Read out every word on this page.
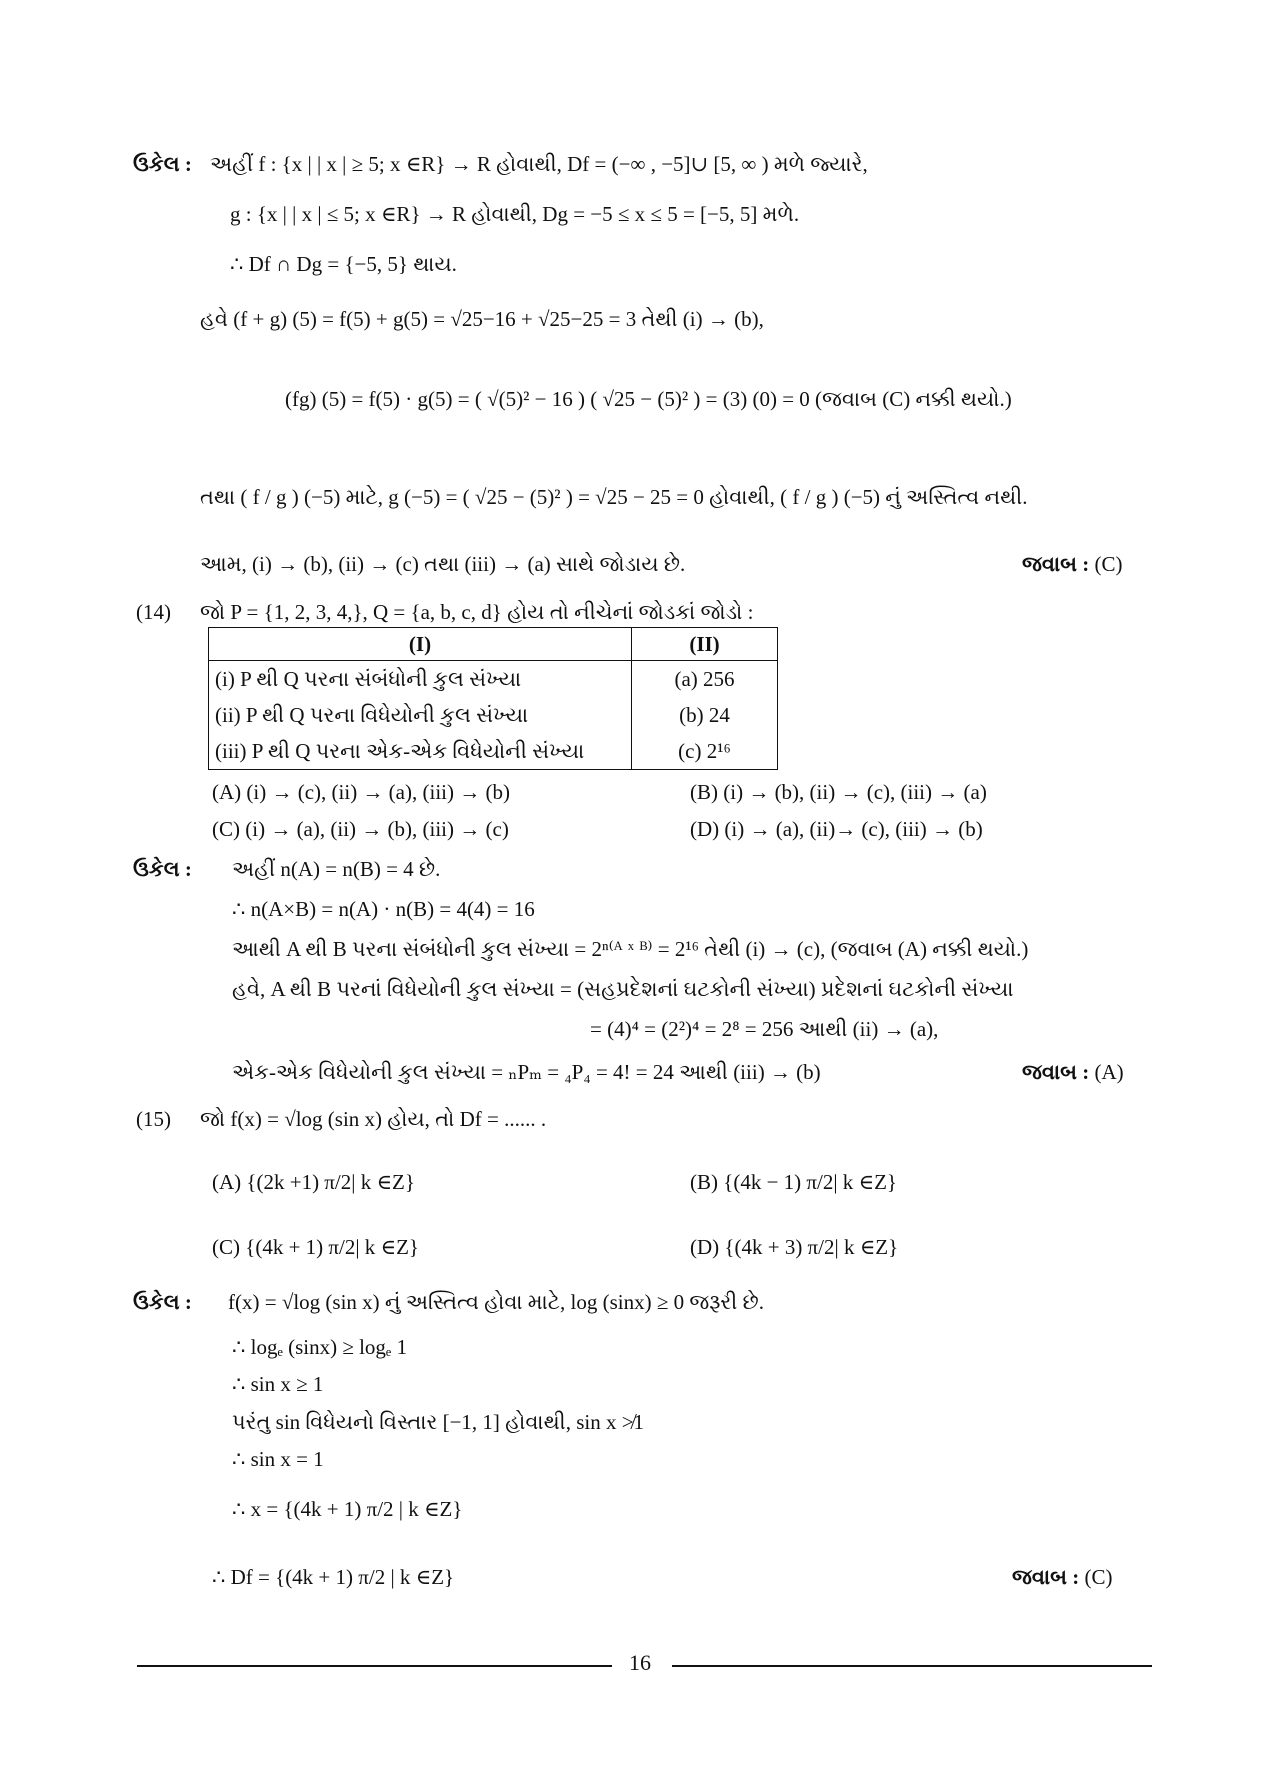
ઉકેલ : અહીં f : {x | | x | ≥ 5; x ∈R} → R હોવાથી, Df = (−∞ , −5]∪ [5, ∞ ) મળે જ્યારે,
g : {x | | x | ≤ 5; x ∈R} → R હોવાથી, Dg = −5 ≤ x ≤ 5 = [−5, 5] મળે.
∴ Df ∩ Dg = {−5, 5} થાય.
હવે (f + g) (5) = f(5) + g(5) = √25−16 + √25−25 = 3 તેથી (i) → (b),
(fg) (5) = f(5) · g(5) = ( √(5)² − 16 ) ( √25 − (5)² ) = (3) (0) = 0 (જવાબ (C) નક્કી થયો.)
તથા ( f / g ) (−5) માટે, g (−5) = ( √25 − (5)² ) = √25 − 25 = 0 હોવાથી, ( f / g ) (−5) નું અસ્તિત્વ નથી.
આમ, (i) → (b), (ii) → (c) તથા (iii) → (a) સાથે જોડાય છે.	જવાબ : (C)
(14) જો P = {1, 2, 3, 4,}, Q = {a, b, c, d} હોય તો નીચેનાં જોડકાં જોડો :
(I)	(II)
(i) P થી Q પરના સંબંધોની કુલ સંખ્યા	(a) 256
(ii) P થી Q પરના વિધેયોની કુલ સંખ્યા	(b) 24
(iii) P થી Q પરના એક-એક વિધેયોની સંખ્યા	(c) 2¹⁶
(A) (i) → (c), (ii) → (a), (iii) → (b)	(B) (i) → (b), (ii) → (c), (iii) → (a)
(C) (i) → (a), (ii) → (b), (iii) → (c)	(D) (i) → (a), (ii)→ (c), (iii) → (b)
ઉકેલ : અહીં n(A) = n(B) = 4 છે.
∴ n(A×B) = n(A) · n(B) = 4(4) = 16
આથી A થી B પરના સંબંધોની કુલ સંખ્યા = 2ⁿ⁽ᴬ ˣ ᴮ⁾ = 2¹⁶ તેથી (i) → (c), (જવાબ (A) નક્કી થયો.)
હવે, A થી B પરનાં વિધેયોની કુલ સંખ્યા = (સહપ્રદેશનાં ઘટકોની સંખ્યા) પ્રદેશનાં ઘટકોની સંખ્યા
= (4)⁴ = (2²)⁴ = 2⁸ = 256 આથી (ii) → (a),
એક-એક વિધેયોની કુલ સંખ્યા = ₙPₘ = ₄P₄ = 4! = 24 આથી (iii) → (b)	જવાબ : (A)
(15) જો f(x) = √log (sin x) હોય, તો Df = ...... .
(A) {(2k +1) π/2| k ∈Z}	(B) {(4k − 1) π/2| k ∈Z}
(C) {(4k + 1) π/2| k ∈Z}	(D) {(4k + 3) π/2| k ∈Z}
ઉકેલ : f(x) = √log (sin x) નું અસ્તિત્વ હોવા માટે, log (sinx) ≥ 0 જરૂરી છે.
∴ logₑ (sinx) ≥ logₑ 1
∴ sin x ≥ 1
પરંતુ sin વિધેયનો વિસ્તાર [−1, 1] હોવાથી, sin x ≯1
∴ sin x = 1
∴ x = {(4k + 1) π/2 | k ∈Z}
∴ Df = {(4k + 1) π/2 | k ∈Z}	જવાબ : (C)
16
